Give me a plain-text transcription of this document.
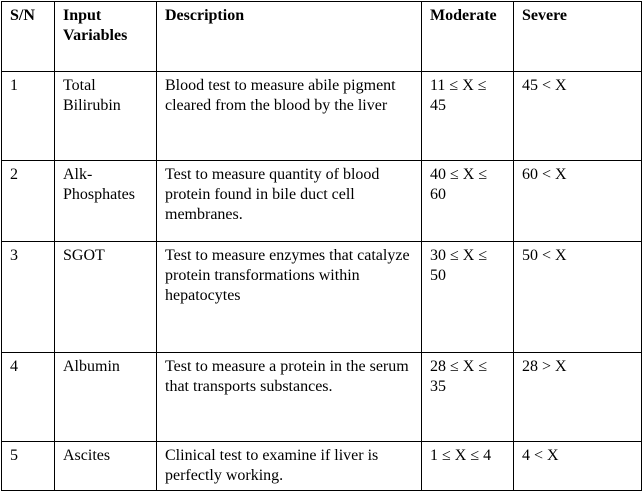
S/N	Input Variables	Description	Moderate	Severe
1	Total Bilirubin	Blood test to measure abile pigment cleared from the blood by the liver	11 ≤ X ≤ 45	45 < X
2	Alk-Phosphates	Test to measure quantity of blood protein found in bile duct cell membranes.	40 ≤ X ≤ 60	60 < X
3	SGOT	Test to measure enzymes that catalyze protein transformations within hepatocytes	30 ≤ X ≤ 50	50 < X
4	Albumin	Test to measure a protein in the serum that transports substances.	28 ≤ X ≤ 35	28 > X
5	Ascites	Clinical test to examine if liver is perfectly working.	1 ≤ X ≤ 4	4 < X
